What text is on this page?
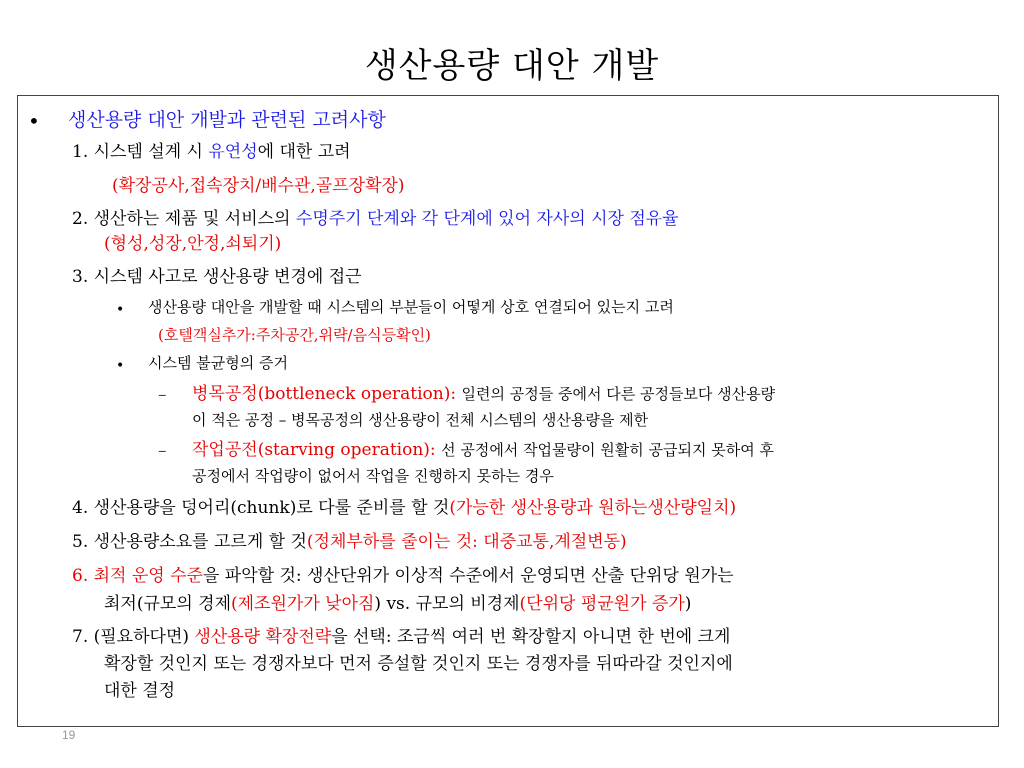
생산용량 대안 개발
• 생산용량 대안 개발과 관련된 고려사항
1. 시스템 설계 시 유연성에 대한 고려
(확장공사,접속장치/배수관,골프장확장)
2. 생산하는 제품 및 서비스의 수명주기 단계와 각 단계에 있어 자사의 시장 점유율
(형성,성장,안정,쇠퇴기)
3. 시스템 사고로 생산용량 변경에 접근
• 생산용량 대안을 개발할 때 시스템의 부분들이 어떻게 상호 연결되어 있는지 고려
(호텔객실추가:주차공간,위략/음식등확인)
• 시스템 불균형의 증거
– 병목공정(bottleneck operation): 일련의 공정들 중에서 다른 공정들보다 생산용량
이 적은 공정 – 병목공정의 생산용량이 전체 시스템의 생산용량을 제한
– 작업공전(starving operation): 선 공정에서 작업물량이 원활히 공급되지 못하여 후
공정에서 작업량이 없어서 작업을 진행하지 못하는 경우
4. 생산용량을 덩어리(chunk)로 다룰 준비를 할 것(가능한 생산용량과 원하는생산량일치)
5. 생산용량소요를 고르게 할 것(정체부하를 줄이는 것: 대중교통,계절변동)
6. 최적 운영 수준을 파악할 것: 생산단위가 이상적 수준에서 운영되면 산출 단위당 원가는
최저(규모의 경제(제조원가가 낮아짐) vs. 규모의 비경제(단위당 평균원가 증가)
7. (필요하다면) 생산용량 확장전략을 선택: 조금씩 여러 번 확장할지 아니면 한 번에 크게
확장할 것인지 또는 경쟁자보다 먼저 증설할 것인지 또는 경쟁자를 뒤따라갈 것인지에
대한 결정
19
